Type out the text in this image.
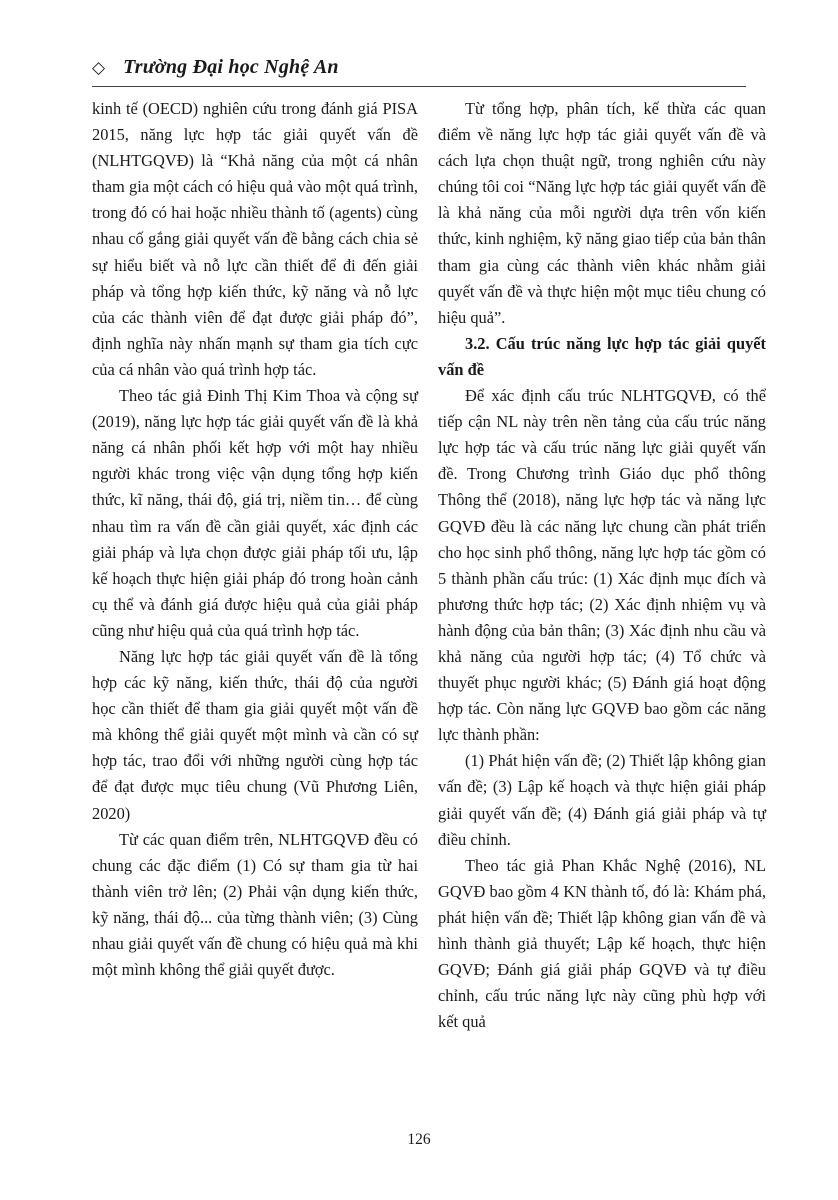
◇ Trường Đại học Nghệ An

kinh tế (OECD) nghiên cứu trong đánh giá PISA 2015, năng lực hợp tác giải quyết vấn đề (NLHTGQVĐ) là “Khả năng của một cá nhân tham gia một cách có hiệu quả vào một quá trình, trong đó có hai hoặc nhiều thành tố (agents) cùng nhau cố gắng giải quyết vấn đề bằng cách chia sẻ sự hiểu biết và nỗ lực cần thiết để đi đến giải pháp và tổng hợp kiến thức, kỹ năng và nỗ lực của các thành viên để đạt được giải pháp đó”, định nghĩa này nhấn mạnh sự tham gia tích cực của cá nhân vào quá trình hợp tác.

Theo tác giả Đinh Thị Kim Thoa và cộng sự (2019), năng lực hợp tác giải quyết vấn đề là khả năng cá nhân phối kết hợp với một hay nhiều người khác trong việc vận dụng tổng hợp kiến thức, kĩ năng, thái độ, giá trị, niềm tin… để cùng nhau tìm ra vấn đề cần giải quyết, xác định các giải pháp và lựa chọn được giải pháp tối ưu, lập kế hoạch thực hiện giải pháp đó trong hoàn cảnh cụ thể và đánh giá được hiệu quả của giải pháp cũng như hiệu quả của quá trình hợp tác.

Năng lực hợp tác giải quyết vấn đề là tổng hợp các kỹ năng, kiến thức, thái độ của người học cần thiết để tham gia giải quyết một vấn đề mà không thể giải quyết một mình và cần có sự hợp tác, trao đổi với những người cùng hợp tác để đạt được mục tiêu chung (Vũ Phương Liên, 2020)

Từ các quan điểm trên, NLHTGQVĐ đều có chung các đặc điểm (1) Có sự tham gia từ hai thành viên trở lên; (2) Phải vận dụng kiến thức, kỹ năng, thái độ... của từng thành viên; (3) Cùng nhau giải quyết vấn đề chung có hiệu quả mà khi một mình không thể giải quyết được.

Từ tổng hợp, phân tích, kế thừa các quan điểm về năng lực hợp tác giải quyết vấn đề và cách lựa chọn thuật ngữ, trong nghiên cứu này chúng tôi coi “Năng lực hợp tác giải quyết vấn đề là khả năng của mỗi người dựa trên vốn kiến thức, kinh nghiệm, kỹ năng giao tiếp của bản thân tham gia cùng các thành viên khác nhằm giải quyết vấn đề và thực hiện một mục tiêu chung có hiệu quả”.

3.2. Cấu trúc năng lực hợp tác giải quyết vấn đề

Để xác định cấu trúc NLHTGQVĐ, có thể tiếp cận NL này trên nền tảng của cấu trúc năng lực hợp tác và cấu trúc năng lực giải quyết vấn đề. Trong Chương trình Giáo dục phổ thông Thông thể (2018), năng lực hợp tác và năng lực GQVĐ đều là các năng lực chung cần phát triển cho học sinh phổ thông, năng lực hợp tác gồm có 5 thành phần cấu trúc: (1) Xác định mục đích và phương thức hợp tác; (2) Xác định nhiệm vụ và hành động của bản thân; (3) Xác định nhu cầu và khả năng của người hợp tác; (4) Tổ chức và thuyết phục người khác; (5) Đánh giá hoạt động hợp tác. Còn năng lực GQVĐ bao gồm các năng lực thành phần:

(1) Phát hiện vấn đề; (2) Thiết lập không gian vấn đề; (3) Lập kế hoạch và thực hiện giải pháp giải quyết vấn đề; (4) Đánh giá giải pháp và tự điều chỉnh.

Theo tác giả Phan Khắc Nghệ (2016), NL GQVĐ bao gồm 4 KN thành tố, đó là: Khám phá, phát hiện vấn đề; Thiết lập không gian vấn đề và hình thành giả thuyết; Lập kế hoạch, thực hiện GQVĐ; Đánh giá giải pháp GQVĐ và tự điều chỉnh, cấu trúc năng lực này cũng phù hợp với kết quả

126
